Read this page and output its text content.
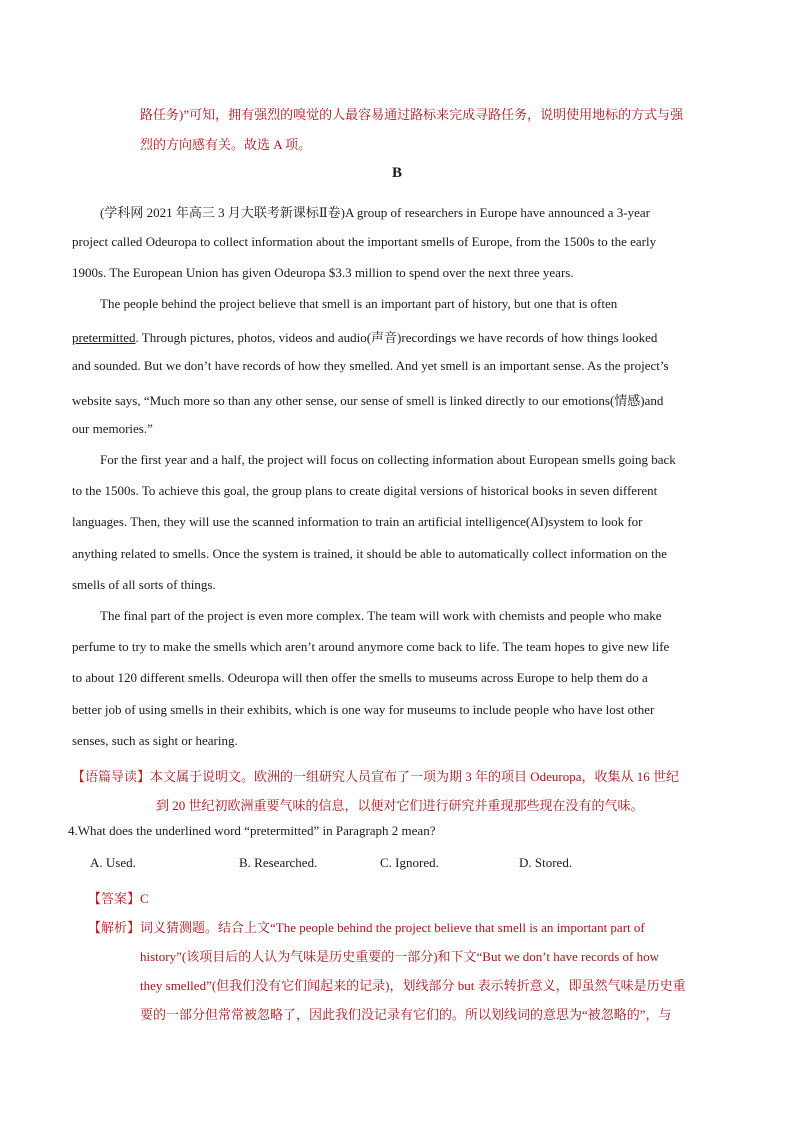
路任务)”可知，拥有强烈的嗅觉的人最容易通过路标来完成寻路任务，说明使用地标的方式与强
烈的方向感有关。故选 A 项。
B
(学科网 2021 年高三 3 月大联考新课标Ⅱ卷)A group of researchers in Europe have announced a 3-year
project called Odeuropa to collect information about the important smells of Europe, from the 1500s to the early
1900s. The European Union has given Odeuropa $3.3 million to spend over the next three years.
The people behind the project believe that smell is an important part of history, but one that is often
pretermitted. Through pictures, photos, videos and audio(声音)recordings we have records of how things looked
and sounded. But we don’t have records of how they smelled. And yet smell is an important sense. As the project’s
website says, “Much more so than any other sense, our sense of smell is linked directly to our emotions(情感)and
our memories.”
For the first year and a half, the project will focus on collecting information about European smells going back
to the 1500s. To achieve this goal, the group plans to create digital versions of historical books in seven different
languages. Then, they will use the scanned information to train an artificial intelligence(AI)system to look for
anything related to smells. Once the system is trained, it should be able to automatically collect information on the
smells of all sorts of things.
The final part of the project is even more complex. The team will work with chemists and people who make
perfume to try to make the smells which aren’t around anymore come back to life. The team hopes to give new life
to about 120 different smells. Odeuropa will then offer the smells to museums across Europe to help them do a
better job of using smells in their exhibits, which is one way for museums to include people who have lost other
senses, such as sight or hearing.
【语篇导读】本文属于说明文。欧洲的一组研究人员宣布了一项为期 3 年的项目 Odeuropa，收集从 16 世纪
到 20 世纪初欧洲重要气味的信息，以便对它们进行研究并重现那些现在没有的气味。
4.What does the underlined word “pretermitted” in Paragraph 2 mean?
A. Used.	B. Researched.	C. Ignored.	D. Stored.
【答案】C
【解析】词义猜测题。结合上文“The people behind the project believe that smell is an important part of
history”(该项目后的人认为气味是历史重要的一部分)和下文“But we don’t have records of how
they smelled”(但我们没有它们闻起来的记录)，划线部分 but 表示转折意义，即虽然气味是历史重
要的一部分但常常被忽略了，因此我们没记录有它们的。所以划线词的意思为“被忽略的”，与
